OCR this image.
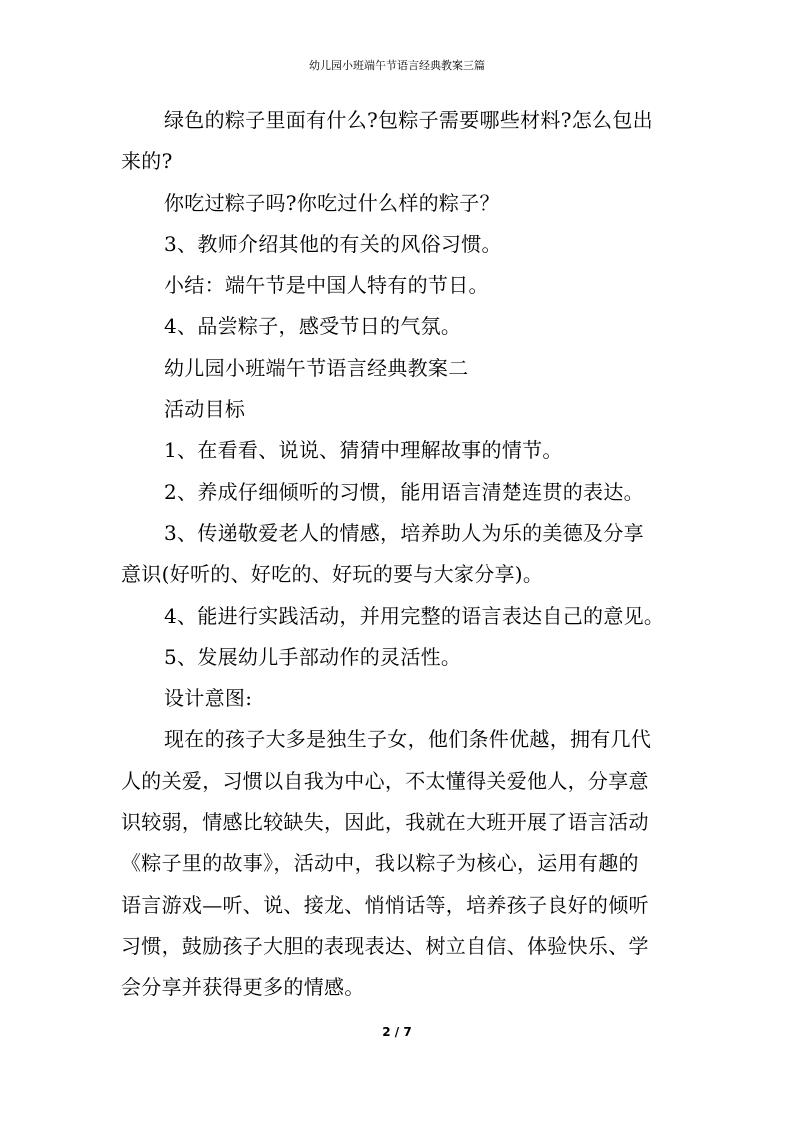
幼儿园小班端午节语言经典教案三篇
绿色的粽子里面有什么?包粽子需要哪些材料?怎么包出
来的?
你吃过粽子吗?你吃过什么样的粽子？
3、教师介绍其他的有关的风俗习惯。
小结：端午节是中国人特有的节日。
4、品尝粽子，感受节日的气氛。
幼儿园小班端午节语言经典教案二
活动目标
1、在看看、说说、猜猜中理解故事的情节。
2、养成仔细倾听的习惯，能用语言清楚连贯的表达。
3、传递敬爱老人的情感，培养助人为乐的美德及分享
意识(好听的、好吃的、好玩的要与大家分享)。
4、能进行实践活动，并用完整的语言表达自己的意见。
5、发展幼儿手部动作的灵活性。
设计意图:
现在的孩子大多是独生子女，他们条件优越，拥有几代
人的关爱，习惯以自我为中心，不太懂得关爱他人，分享意
识较弱，情感比较缺失，因此，我就在大班开展了语言活动
《粽子里的故事》，活动中，我以粽子为核心，运用有趣的
语言游戏—听、说、接龙、悄悄话等，培养孩子良好的倾听
习惯，鼓励孩子大胆的表现表达、树立自信、体验快乐、学
会分享并获得更多的情感。
2 / 7
